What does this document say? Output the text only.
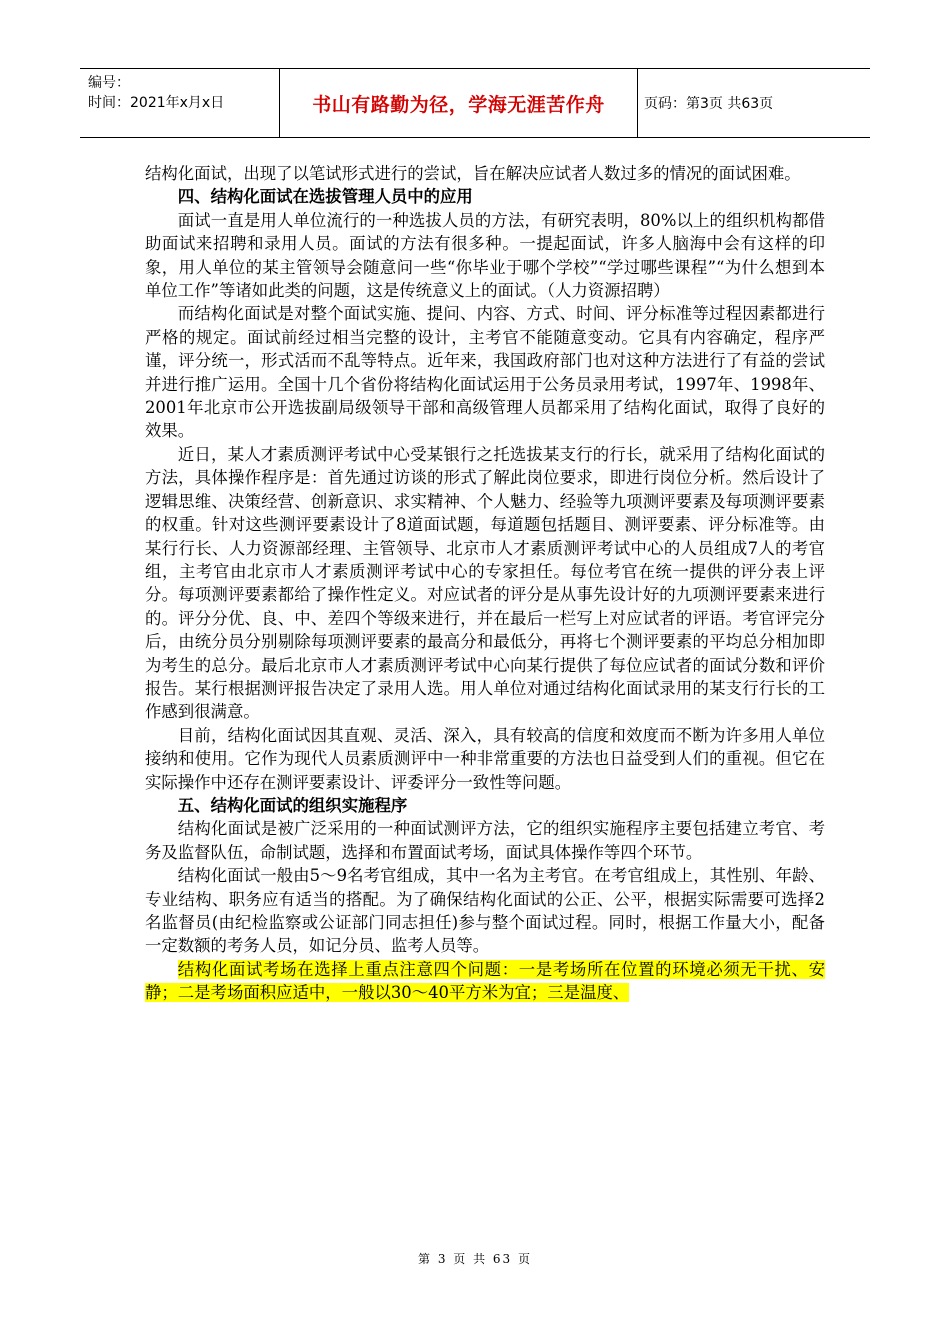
编号：
时间：2021年x月x日	书山有路勤为径，学海无涯苦作舟	页码：第3页 共63页

结构化面试，出现了以笔试形式进行的尝试，旨在解决应试者人数过多的情况的面试困难。

四、结构化面试在选拔管理人员中的应用

面试一直是用人单位流行的一种选拔人员的方法，有研究表明，80%以上的组织机构都借助面试来招聘和录用人员。面试的方法有很多种。一提起面试，许多人脑海中会有这样的印象，用人单位的某主管领导会随意问一些“你毕业于哪个学校”“学过哪些课程”“为什么想到本单位工作”等诸如此类的问题，这是传统意义上的面试。（人力资源招聘）

而结构化面试是对整个面试实施、提问、内容、方式、时间、评分标准等过程因素都进行严格的规定。面试前经过相当完整的设计，主考官不能随意变动。它具有内容确定，程序严谨，评分统一，形式活而不乱等特点。近年来，我国政府部门也对这种方法进行了有益的尝试并进行推广运用。全国十几个省份将结构化面试运用于公务员录用考试，1997年、1998年、2001年北京市公开选拔副局级领导干部和高级管理人员都采用了结构化面试，取得了良好的效果。

近日，某人才素质测评考试中心受某银行之托选拔某支行的行长，就采用了结构化面试的方法，具体操作程序是：首先通过访谈的形式了解此岗位要求，即进行岗位分析。然后设计了逻辑思维、决策经营、创新意识、求实精神、个人魅力、经验等九项测评要素及每项测评要素的权重。针对这些测评要素设计了8道面试题，每道题包括题目、测评要素、评分标准等。由某行行长、人力资源部经理、主管领导、北京市人才素质测评考试中心的人员组成7人的考官组，主考官由北京市人才素质测评考试中心的专家担任。每位考官在统一提供的评分表上评分。每项测评要素都给了操作性定义。对应试者的评分是从事先设计好的九项测评要素来进行的。评分分优、良、中、差四个等级来进行，并在最后一栏写上对应试者的评语。考官评完分后，由统分员分别剔除每项测评要素的最高分和最低分，再将七个测评要素的平均总分相加即为考生的总分。最后北京市人才素质测评考试中心向某行提供了每位应试者的面试分数和评价报告。某行根据测评报告决定了录用人选。用人单位对通过结构化面试录用的某支行行长的工作感到很满意。

目前，结构化面试因其直观、灵活、深入，具有较高的信度和效度而不断为许多用人单位接纳和使用。它作为现代人员素质测评中一种非常重要的方法也日益受到人们的重视。但它在实际操作中还存在测评要素设计、评委评分一致性等问题。

五、结构化面试的组织实施程序

结构化面试是被广泛采用的一种面试测评方法，它的组织实施程序主要包括建立考官、考务及监督队伍，命制试题，选择和布置面试考场，面试具体操作等四个环节。

结构化面试一般由5～9名考官组成，其中一名为主考官。在考官组成上，其性别、年龄、专业结构、职务应有适当的搭配。为了确保结构化面试的公正、公平，根据实际需要可选择2名监督员(由纪检监察或公证部门同志担任)参与整个面试过程。同时，根据工作量大小，配备一定数额的考务人员，如记分员、监考人员等。

结构化面试考场在选择上重点注意四个问题：一是考场所在位置的环境必须无干扰、安静；二是考场面积应适中，一般以30～40平方米为宜；三是温度、

第 3 页 共 63 页
